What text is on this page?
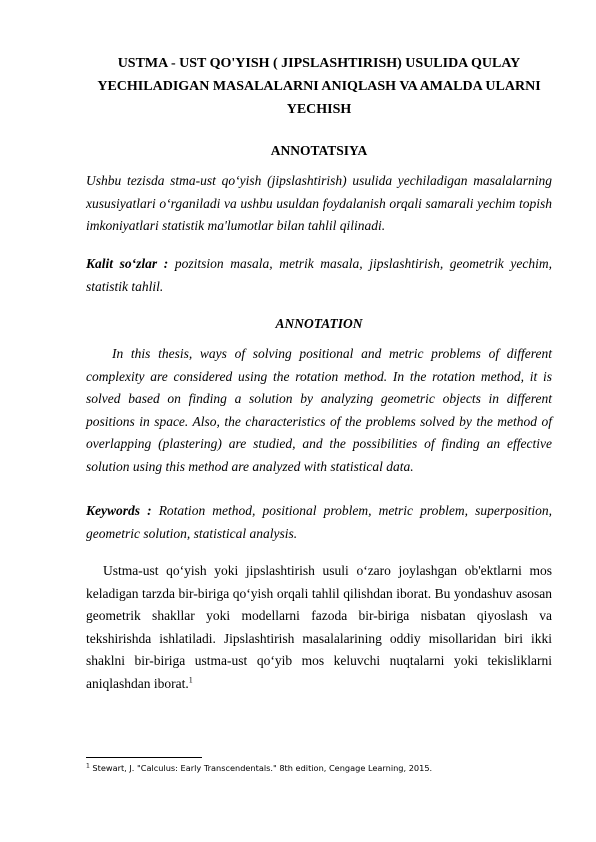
USTMA - UST QO'YISH ( JIPSLASHTIRISH) USULIDA QULAY YECHILADIGAN MASALALARNI ANIQLASH VA AMALDA ULARNI YECHISH
ANNOTATSIYA

Ushbu tezisda stma-ust qo‘yish (jipslashtirish) usulida yechiladigan masalalarning xususiyatlari o‘rganiladi va ushbu usuldan foydalanish orqali samarali yechim topish imkoniyatlari statistik ma'lumotlar bilan tahlil qilinadi.

Kalit so‘zlar : pozitsion masala, metrik masala, jipslashtirish, geometrik yechim, statistik tahlil.

ANNOTATION

In this thesis, ways of solving positional and metric problems of different complexity are considered using the rotation method. In the rotation method, it is solved based on finding a solution by analyzing geometric objects in different positions in space. Also, the characteristics of the problems solved by the method of overlapping (plastering) are studied, and the possibilities of finding an effective solution using this method are analyzed with statistical data.

Keywords : Rotation method, positional problem, metric problem, superposition, geometric solution, statistical analysis.

Ustma-ust qo‘yish yoki jipslashtirish usuli o‘zaro joylashgan ob'ektlarni mos keladigan tarzda bir-biriga qo‘yish orqali tahlil qilishdan iborat. Bu yondashuv asosan geometrik shakllar yoki modellarni fazoda bir-biriga nisbatan qiyoslash va tekshirishda ishlatiladi. Jipslashtirish masalalarining oddiy misollaridan biri ikki shaklni bir-biriga ustma-ust qo‘yib mos keluvchi nuqtalarni yoki tekisliklarni aniqlashdan iborat.$^1$

$^1$ Stewart, J. "Calculus: Early Transcendentals." 8th edition, Cengage Learning, 2015.
